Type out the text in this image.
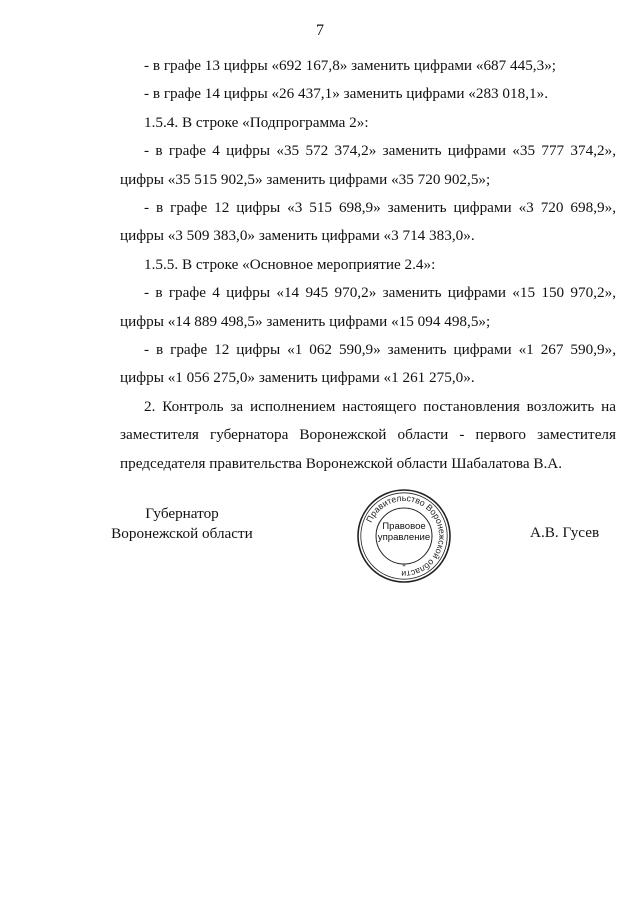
7

- в графе 13 цифры «692 167,8» заменить цифрами «687 445,3»;

- в графе 14 цифры «26 437,1» заменить цифрами «283 018,1».

1.5.4. В строке «Подпрограмма 2»:

- в графе 4 цифры «35 572 374,2» заменить цифрами «35 777 374,2»,

цифры «35 515 902,5» заменить цифрами «35 720 902,5»;

- в графе 12 цифры «3 515 698,9» заменить цифрами «3 720 698,9»,

цифры «3 509 383,0» заменить цифрами «3 714 383,0».

1.5.5. В строке «Основное мероприятие 2.4»:

- в графе 4 цифры «14 945 970,2» заменить цифрами «15 150 970,2»,

цифры «14 889 498,5» заменить цифрами «15 094 498,5»;

- в графе 12 цифры «1 062 590,9» заменить цифрами «1 267 590,9»,

цифры «1 056 275,0» заменить цифрами «1 261 275,0».

2. Контроль за исполнением настоящего постановления возложить на

заместителя губернатора Воронежской области - первого заместителя

председателя правительства Воронежской области Шабалатова В.А.

Губернатор
Воронежской области
Правительство Воронежской области
*
Правовое
управление	А.В. Гусев
